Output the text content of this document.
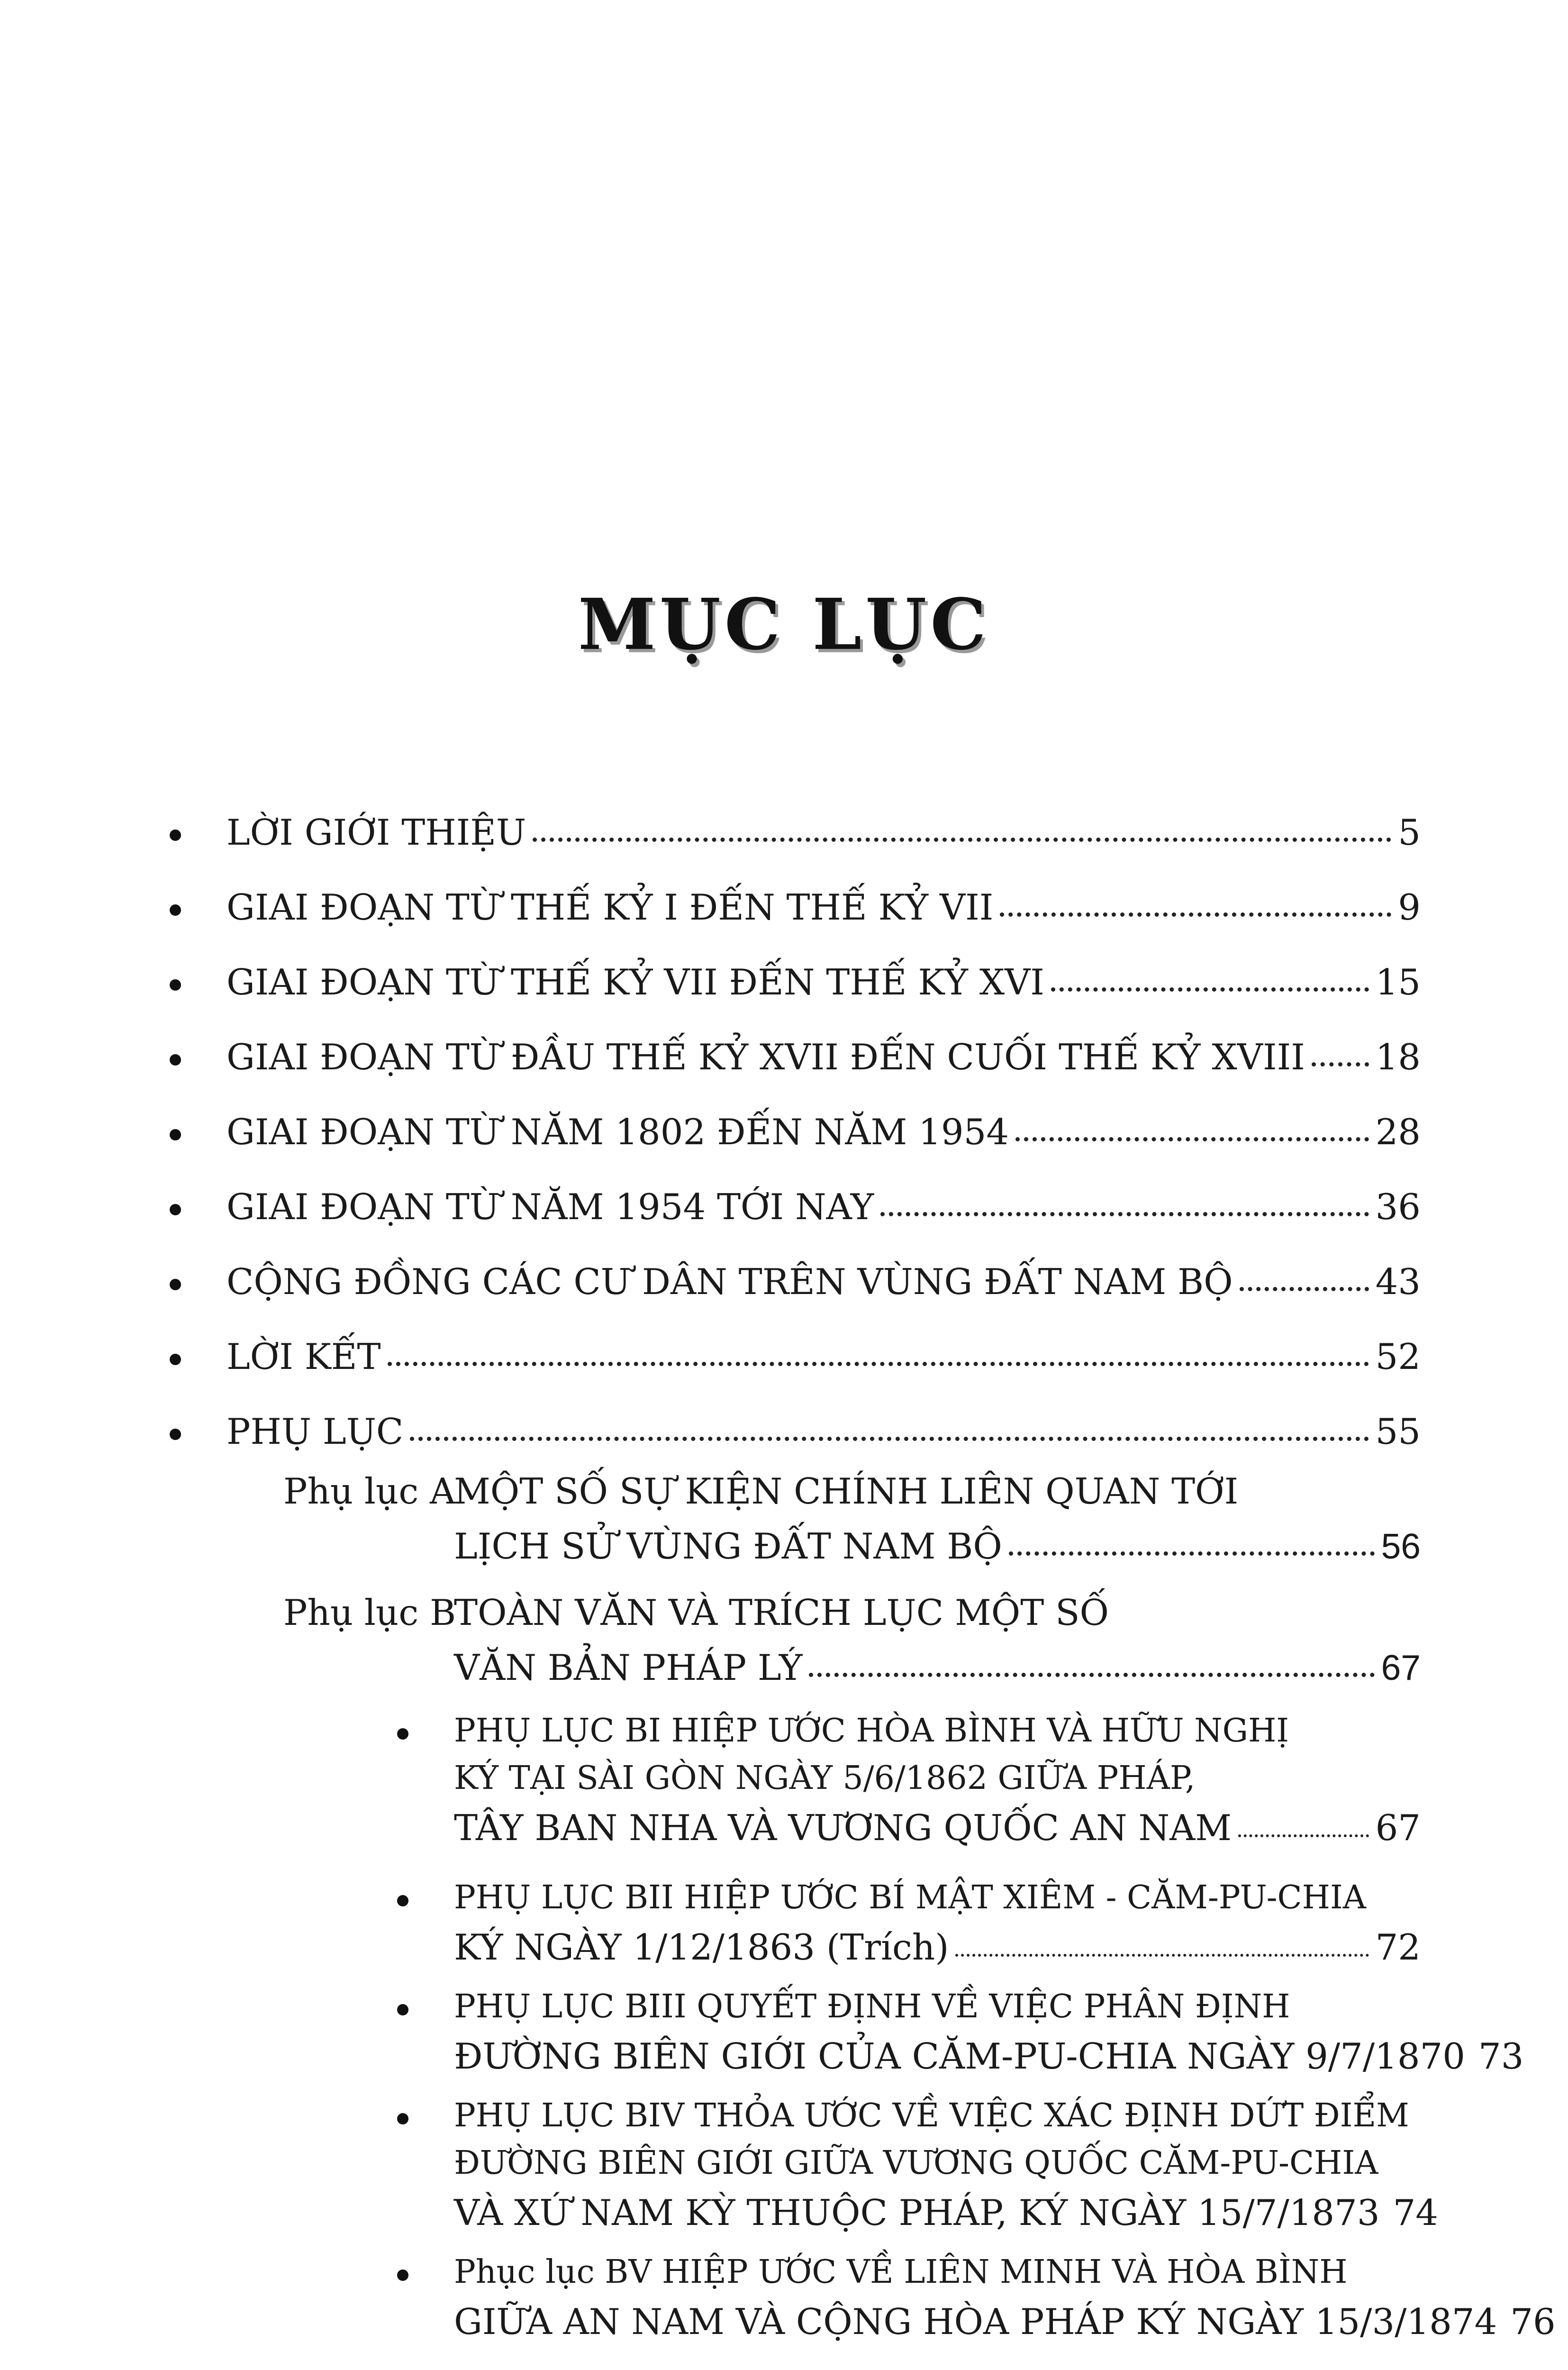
MỤC LỤC
LỜI GIỚI THIỆU	5
GIAI ĐOẠN TỪ THẾ KỶ I ĐẾN THẾ KỶ VII	9
GIAI ĐOẠN TỪ THẾ KỶ VII ĐẾN THẾ KỶ XVI	15
GIAI ĐOẠN TỪ ĐẦU THẾ KỶ XVII ĐẾN CUỐI THẾ KỶ XVIII 18
GIAI ĐOẠN TỪ NĂM 1802 ĐẾN NĂM 1954	28
GIAI ĐOẠN TỪ NĂM 1954 TỚI NAY	36
CỘNG ĐỒNG CÁC CƯ DÂN TRÊN VÙNG ĐẤT NAM BỘ	43
LỜI KẾT	52
PHỤ LỤC	55
Phụ lục A
MỘT SỐ SỰ KIỆN CHÍNH LIÊN QUAN TỚI
LỊCH SỬ VÙNG ĐẤT NAM BỘ	56
Phụ lục B
TOÀN VĂN VÀ TRÍCH LỤC MỘT SỐ
VĂN BẢN PHÁP LÝ	67
PHỤ LỤC BI HIỆP ƯỚC HÒA BÌNH VÀ HỮU NGHỊ
KÝ TẠI SÀI GÒN NGÀY 5/6/1862 GIỮA PHÁP,
TÂY BAN NHA VÀ VƯƠNG QUỐC AN NAM	67
PHỤ LỤC BII HIỆP ƯỚC BÍ MẬT XIÊM - CĂM-PU-CHIA
KÝ NGÀY 1/12/1863 (Trích)	72
PHỤ LỤC BIII QUYẾT ĐỊNH VỀ VIỆC PHÂN ĐỊNH
ĐƯỜNG BIÊN GIỚI CỦA CĂM-PU-CHIA NGÀY 9/7/1870 73
PHỤ LỤC BIV THỎA ƯỚC VỀ VIỆC XÁC ĐỊNH DỨT ĐIỂM
ĐƯỜNG BIÊN GIỚI GIỮA VƯƠNG QUỐC CĂM-PU-CHIA
VÀ XỨ NAM KỲ THUỘC PHÁP, KÝ NGÀY 15/7/1873 74
Phục lục BV HIỆP ƯỚC VỀ LIÊN MINH VÀ HÒA BÌNH
GIỮA AN NAM VÀ CỘNG HÒA PHÁP KÝ NGÀY 15/3/1874 76
